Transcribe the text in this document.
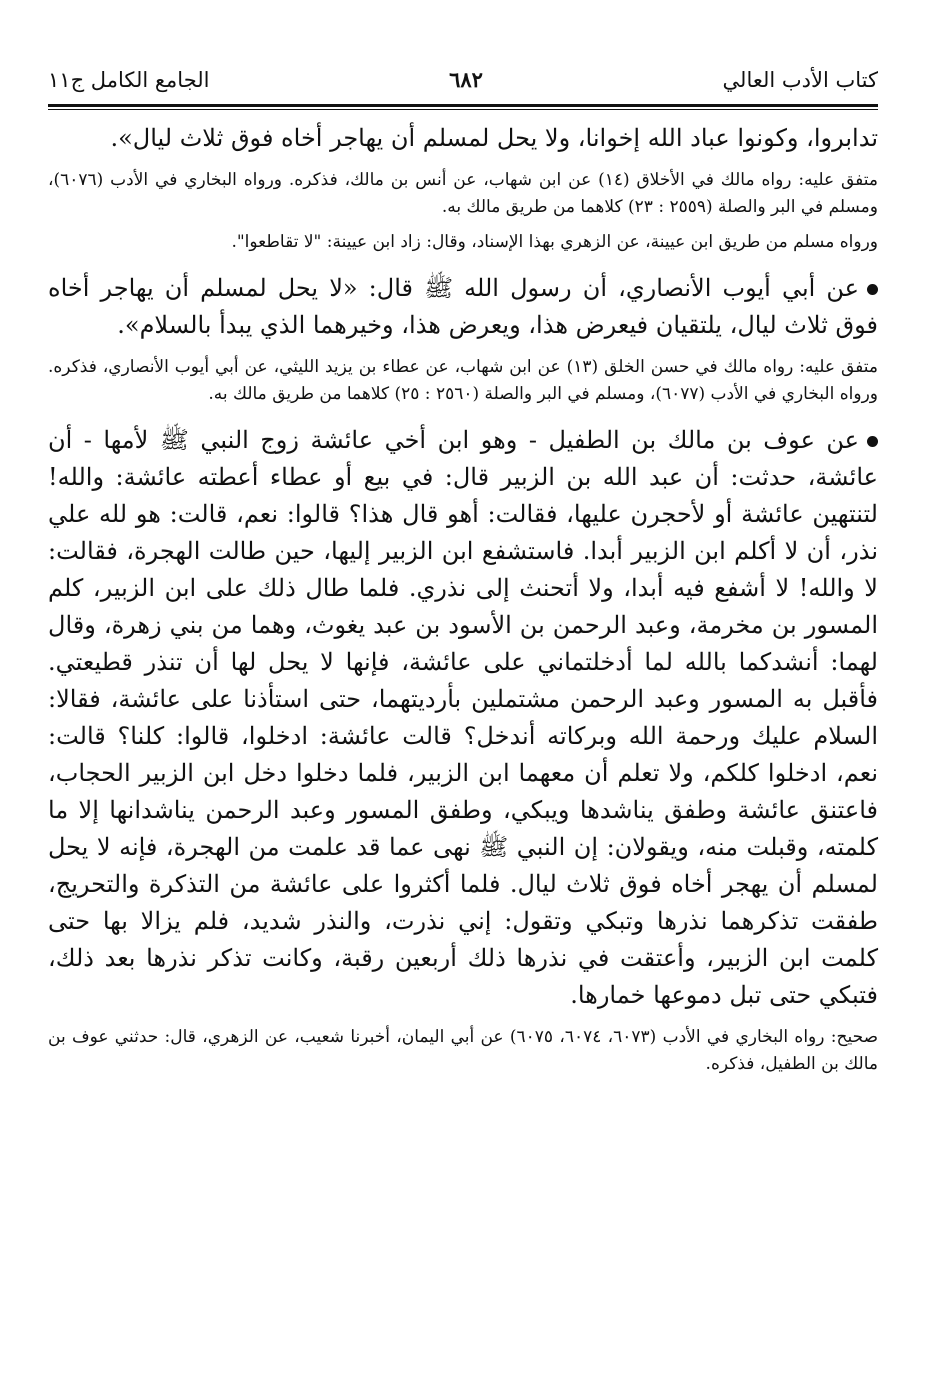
كتاب الأدب العالي
٦٨٢
الجامع الكامل ج١١

تدابروا، وكونوا عباد الله إخوانا، ولا يحل لمسلم أن يهاجر أخاه فوق ثلاث ليال».

متفق عليه: رواه مالك في الأخلاق (١٤) عن ابن شهاب، عن أنس بن مالك، فذكره. ورواه البخاري في الأدب (٦٠٧٦)، ومسلم في البر والصلة (٢٥٥٩ : ٢٣) كلاهما من طريق مالك به.

ورواه مسلم من طريق ابن عيينة، عن الزهري بهذا الإسناد، وقال: زاد ابن عيينة: "لا تقاطعوا".

عن أبي أيوب الأنصاري، أن رسول الله ﷺ قال: «لا يحل لمسلم أن يهاجر أخاه فوق ثلاث ليال، يلتقيان فيعرض هذا، ويعرض هذا، وخيرهما الذي يبدأ بالسلام».

متفق عليه: رواه مالك في حسن الخلق (١٣) عن ابن شهاب، عن عطاء بن يزيد الليثي، عن أبي أيوب الأنصاري، فذكره. ورواه البخاري في الأدب (٦٠٧٧)، ومسلم في البر والصلة (٢٥٦٠ : ٢٥) كلاهما من طريق مالك به.

عن عوف بن مالك بن الطفيل - وهو ابن أخي عائشة زوج النبي ﷺ لأمها - أن عائشة، حدثت: أن عبد الله بن الزبير قال: في بيع أو عطاء أعطته عائشة: والله! لتنتهين عائشة أو لأحجرن عليها، فقالت: أهو قال هذا؟ قالوا: نعم، قالت: هو لله علي نذر، أن لا أكلم ابن الزبير أبدا. فاستشفع ابن الزبير إليها، حين طالت الهجرة، فقالت: لا والله! لا أشفع فيه أبدا، ولا أتحنث إلى نذري. فلما طال ذلك على ابن الزبير، كلم المسور بن مخرمة، وعبد الرحمن بن الأسود بن عبد يغوث، وهما من بني زهرة، وقال لهما: أنشدكما بالله لما أدخلتماني على عائشة، فإنها لا يحل لها أن تنذر قطيعتي. فأقبل به المسور وعبد الرحمن مشتملين بأرديتهما، حتى استأذنا على عائشة، فقالا: السلام عليك ورحمة الله وبركاته أندخل؟ قالت عائشة: ادخلوا، قالوا: كلنا؟ قالت: نعم، ادخلوا كلكم، ولا تعلم أن معهما ابن الزبير، فلما دخلوا دخل ابن الزبير الحجاب، فاعتنق عائشة وطفق يناشدها ويبكي، وطفق المسور وعبد الرحمن يناشدانها إلا ما كلمته، وقبلت منه، ويقولان: إن النبي ﷺ نهى عما قد علمت من الهجرة، فإنه لا يحل لمسلم أن يهجر أخاه فوق ثلاث ليال. فلما أكثروا على عائشة من التذكرة والتحريج، طفقت تذكرهما نذرها وتبكي وتقول: إني نذرت، والنذر شديد، فلم يزالا بها حتى كلمت ابن الزبير، وأعتقت في نذرها ذلك أربعين رقبة، وكانت تذكر نذرها بعد ذلك، فتبكي حتى تبل دموعها خمارها.

صحيح: رواه البخاري في الأدب (٦٠٧٣، ٦٠٧٤، ٦٠٧٥) عن أبي اليمان، أخبرنا شعيب، عن الزهري، قال: حدثني عوف بن مالك بن الطفيل، فذكره.
